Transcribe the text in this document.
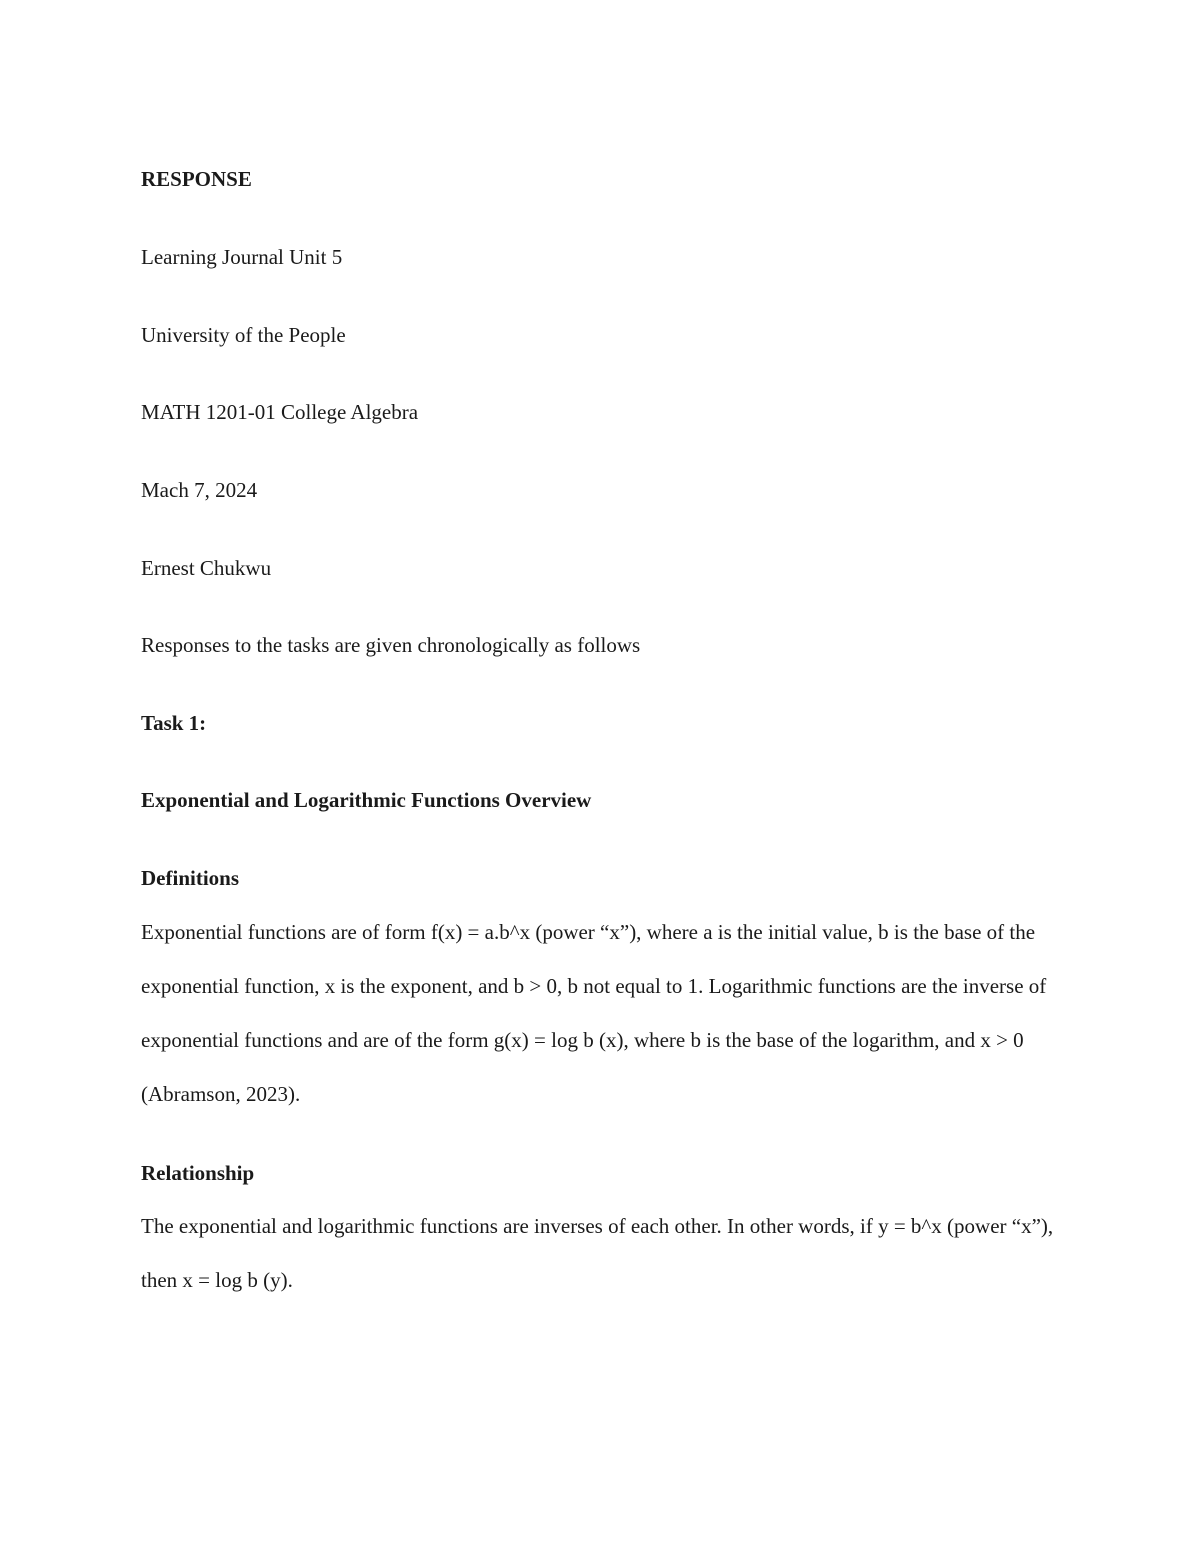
RESPONSE

Learning Journal Unit 5

University of the People

MATH 1201-01 College Algebra

Mach 7, 2024

Ernest Chukwu

Responses to the tasks are given chronologically as follows

Task 1:

Exponential and Logarithmic Functions Overview

Definitions

Exponential functions are of form f(x) = a.b^x (power “x”), where a is the initial value, b is the base of the exponential function, x is the exponent, and b > 0, b not equal to 1. Logarithmic functions are the inverse of exponential functions and are of the form g(x) = log b (x), where b is the base of the logarithm, and x > 0 (Abramson, 2023).

Relationship

The exponential and logarithmic functions are inverses of each other. In other words, if y = b^x (power “x”), then x = log b (y).
